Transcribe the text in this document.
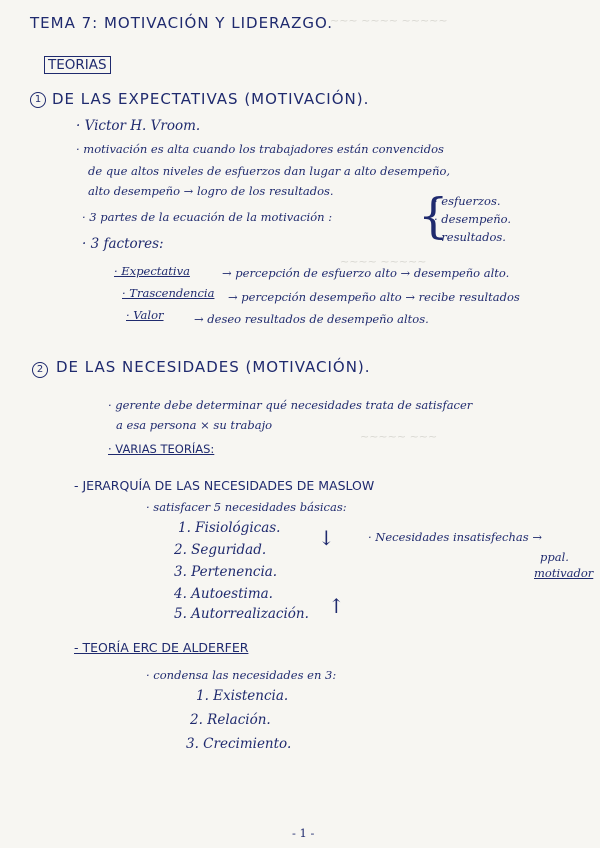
~~~ ~~~~ ~~~~~
~~~~ ~~~~~
~~~~~ ~~~
TEMA 7: MOTIVACIÓN Y LIDERAZGO.
TEORIAS
1 DE LAS EXPECTATIVAS (MOTIVACIÓN).
· Victor H. Vroom.
· motivación es alta cuando los trabajadores están convencidos
de que altos niveles de esfuerzos dan lugar a alto desempeño,
alto desempeño → logro de los resultados.
· 3 partes de la ecuación de la motivación : {
· esfuerzos.
· desempeño.
· resultados.
· 3 factores:
· Expectativa	→ percepción de esfuerzo alto → desempeño alto.
· Trascendencia → percepción desempeño alto → recibe resultados
· Valor	→ deseo resultados de desempeño altos.
2 DE LAS NECESIDADES (MOTIVACIÓN).
· gerente debe determinar qué necesidades trata de satisfacer
a esa persona × su trabajo
· VARIAS TEORÍAS:
- JERARQUÍA DE LAS NECESIDADES DE MASLOW
· satisfacer 5 necesidades básicas:
1. Fisiológicas.
2. Seguridad.
3. Pertenencia.
4. Autoestima.
5. Autorrealización.
↓
↑
· Necesidades insatisfechas →
ppal.
motivador
- TEORÍA ERC DE ALDERFER
· condensa las necesidades en 3:
1. Existencia.
2. Relación.
3. Crecimiento.
- 1 -
